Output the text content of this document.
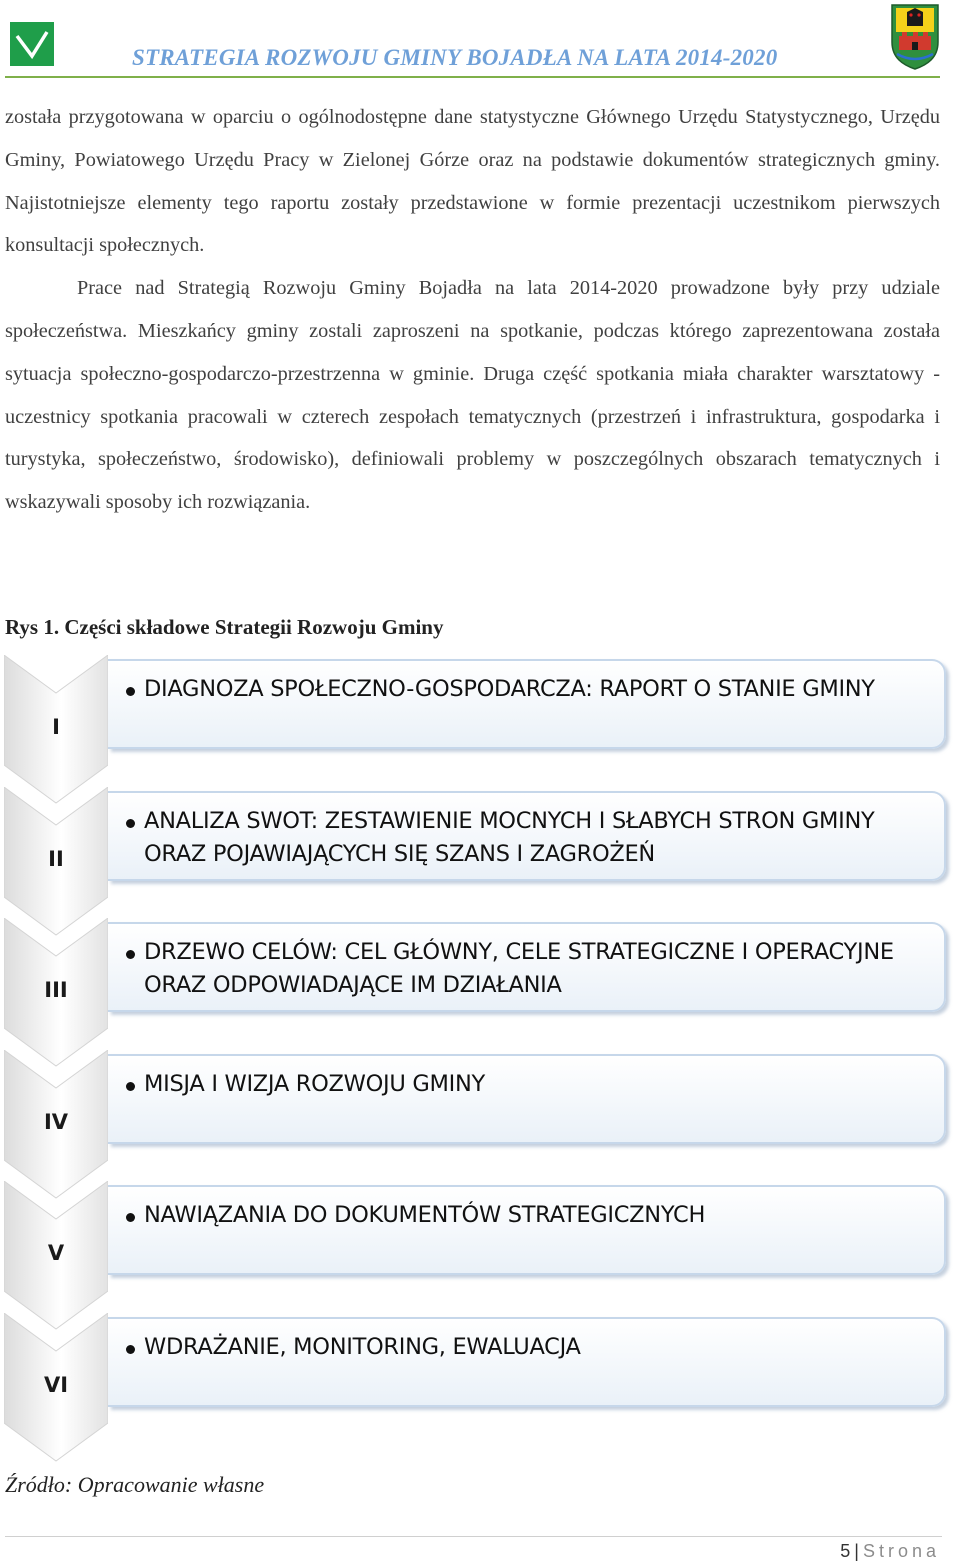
STRATEGIA ROZWOJU GMINY BOJADŁA NA LATA 2014-2020

została przygotowana w oparciu o ogólnodostępne dane statystyczne Głównego Urzędu Statystycznego, Urzędu Gminy, Powiatowego Urzędu Pracy w Zielonej Górze oraz na podstawie dokumentów strategicznych gminy. Najistotniejsze elementy tego raportu zostały przedstawione w formie prezentacji uczestnikom pierwszych konsultacji społecznych.

Prace nad Strategią Rozwoju Gminy Bojadła na lata 2014-2020 prowadzone były przy udziale społeczeństwa. Mieszkańcy gminy zostali zaproszeni na spotkanie, podczas którego zaprezentowana została sytuacja społeczno-gospodarczo-przestrzenna w gminie. Druga część spotkania miała charakter warsztatowy - uczestnicy spotkania pracowali w czterech zespołach tematycznych (przestrzeń i infrastruktura, gospodarka i turystyka, społeczeństwo, środowisko), definiowali problemy w poszczególnych obszarach tematycznych i wskazywali sposoby ich rozwiązania.

Rys 1. Części składowe Strategii Rozwoju Gminy
I
DIAGNOZA SPOŁECZNO-GOSPODARCZA: RAPORT O STANIE GMINY
II
ANALIZA SWOT: ZESTAWIENIE MOCNYCH I SŁABYCH STRON GMINY ORAZ POJAWIAJĄCYCH SIĘ SZANS I ZAGROŻEŃ
III
DRZEWO CELÓW: CEL GŁÓWNY, CELE STRATEGICZNE I OPERACYJNE ORAZ ODPOWIADAJĄCE IM DZIAŁANIA
IV
MISJA I WIZJA ROZWOJU GMINY
V
NAWIĄZANIA DO DOKUMENTÓW STRATEGICZNYCH
VI
WDRAŻANIE, MONITORING, EWALUACJA
Źródło: Opracowanie własne
5 | Strona
